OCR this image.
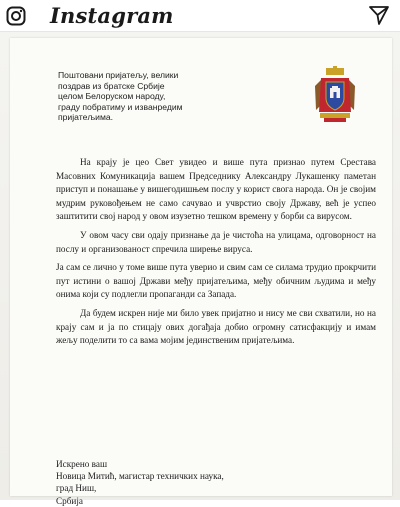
Instagram
Поштовани пријатељу, велики
поздрав из братске Србије
целом Белоруском народу,
градy побратиму и изванредим
пријатељима.

На крају је цео Свет увидео и више пута признао путем Срестава Масовних Комуникација вашем Председнику Александру Лукашенку паметан приступ и понашање у вишегодишњем послу у корист свога народа. Он је својим мудрим руковођењем не само сачувао и учврстио своју Државу, већ је успео заштитити свој народ у овом изузетно тешком времену у борби са вирусом.

У овом часу сви одају признање да је чистоћа на улицама, одговорност на послу и организованост спречила ширење вируса.

Ја сам се лично у томе више пута уверио и свим сам се силама трудио прокрчити пут истини о вашој Држави међу пријатељима, међу обичним људима и међу онима који су подлегли пропаганди са Запада.

Да будем искрен није ми било увек пријатно и нису ме сви схватили, но на крају сам и ја по стицају ових догађаја добио огромну сатисфакцију и имам жељу поделити то са вама мојим јединственим пријатељима.

Искрено ваш
Новица Митић, магистар техничких наука,
град Ниш,
Србија
